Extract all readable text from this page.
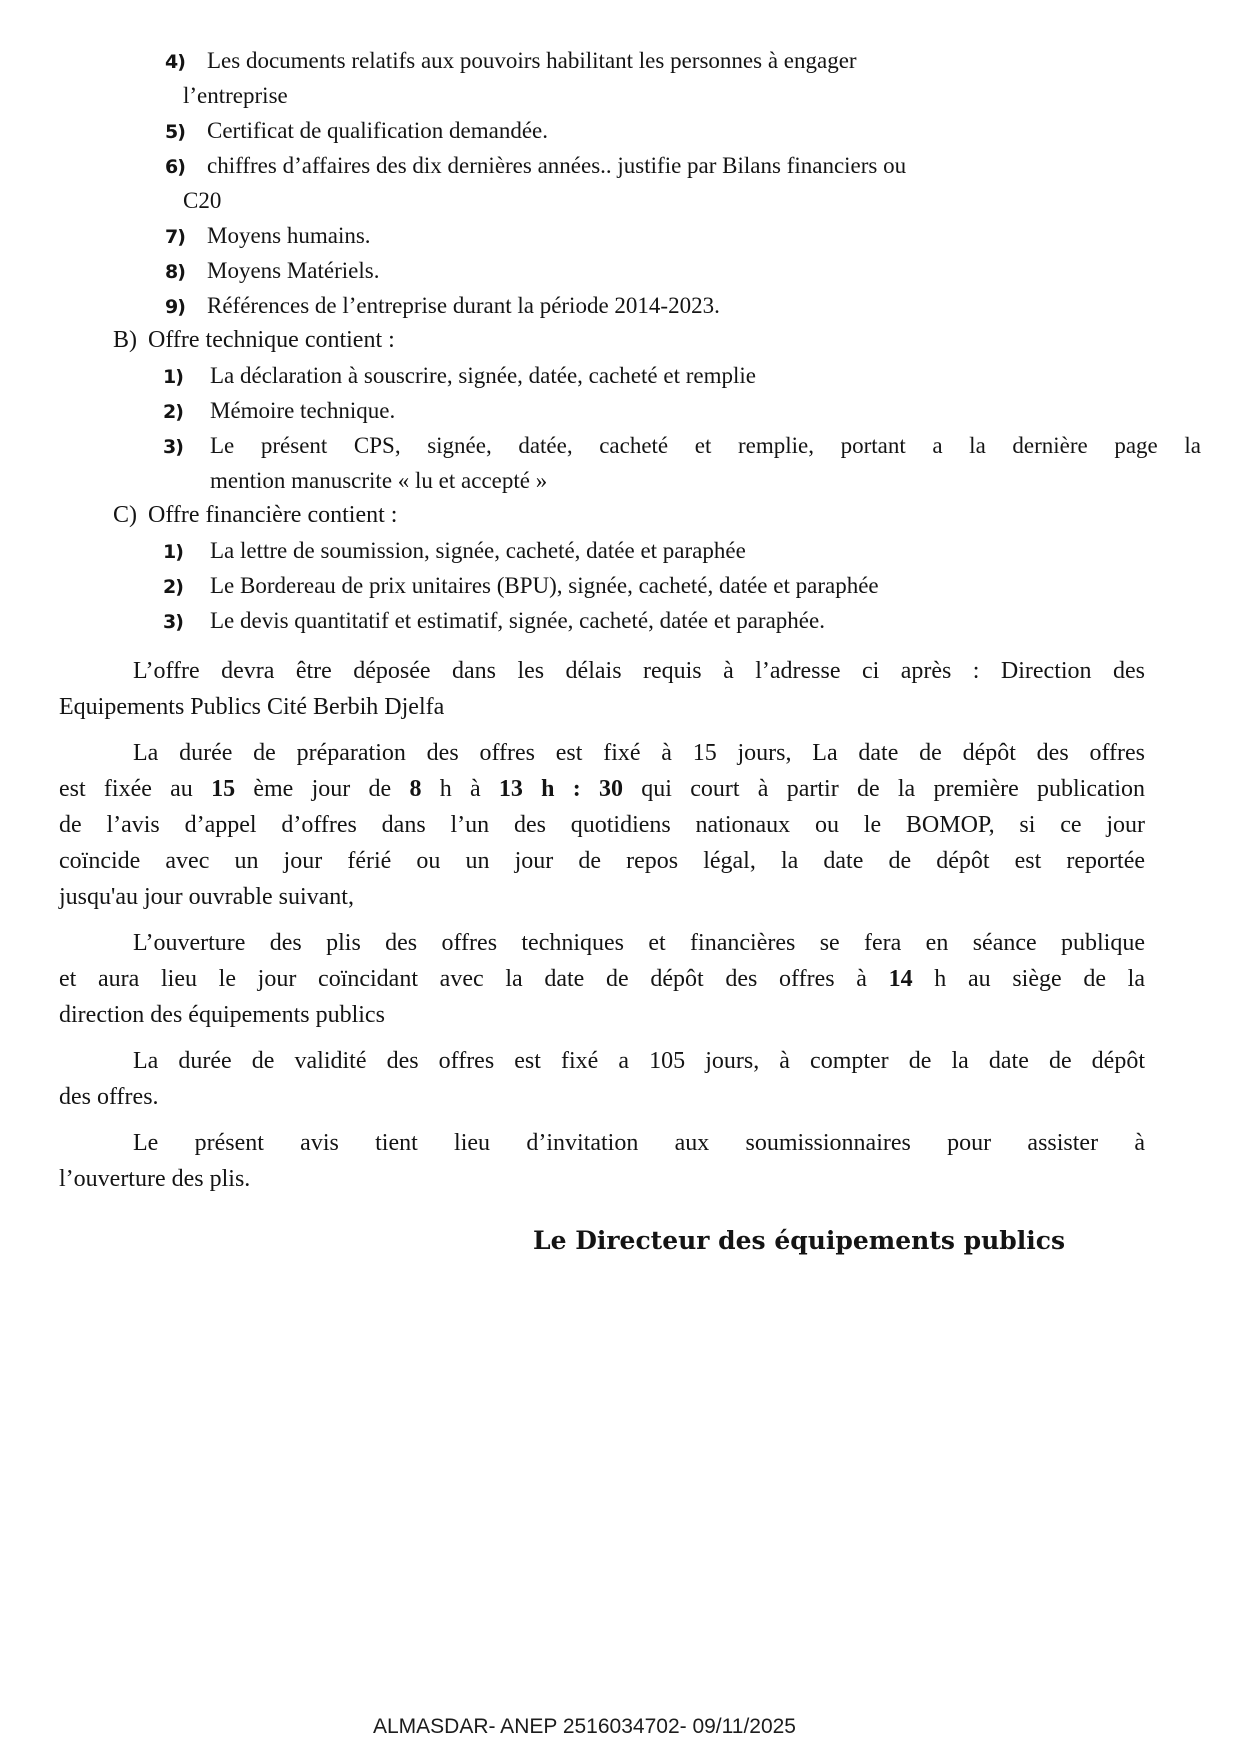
4) Les documents relatifs aux pouvoirs habilitant les personnes à engager
l’entreprise
5) Certificat de qualification demandée.
6) chiffres d’affaires des dix dernières années.. justifie par Bilans financiers ou
C20
7) Moyens humains.
8) Moyens Matériels.
9) Références de l’entreprise durant la période 2014-2023.
B) Offre technique contient :
1) La déclaration à souscrire, signée, datée, cacheté et remplie
2) Mémoire technique.
3) Le présent CPS, signée, datée, cacheté et remplie, portant a la dernière page la
mention manuscrite « lu et accepté »
C) Offre financière contient :
1) La lettre de soumission, signée, cacheté, datée et paraphée
2) Le Bordereau de prix unitaires (BPU), signée, cacheté, datée et paraphée
3) Le devis quantitatif et estimatif, signée, cacheté, datée et paraphée.
L’offre devra être déposée dans les délais requis à l’adresse ci après : Direction des
Equipements Publics Cité Berbih Djelfa
La durée de préparation des offres est fixé à 15 jours, La date de dépôt des offres
est fixée au 15 ème jour de 8 h à 13 h : 30 qui court à partir de la première publication
de l’avis d’appel d’offres dans l’un des quotidiens nationaux ou le BOMOP, si ce jour
coïncide avec un jour férié ou un jour de repos légal, la date de dépôt est reportée
jusqu'au jour ouvrable suivant,
L’ouverture des plis des offres techniques et financières se fera en séance publique
et aura lieu le jour coïncidant avec la date de dépôt des offres à 14 h au siège de la
direction des équipements publics
La durée de validité des offres est fixé a 105 jours, à compter de la date de dépôt
des offres.
Le présent avis tient lieu d’invitation aux soumissionnaires pour assister à
l’ouverture des plis.
Le Directeur des équipements publics
ALMASDAR- ANEP 2516034702- 09/11/2025
